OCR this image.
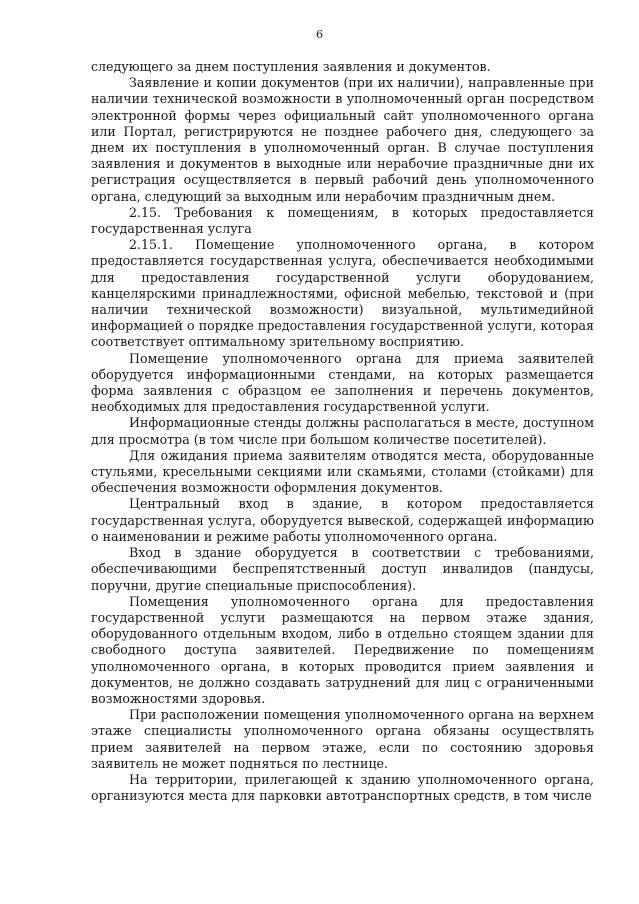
6

следующего за днем поступления заявления и документов.

Заявление и копии документов (при их наличии), направленные при наличии технической возможности в уполномоченный орган посредством электронной формы через официальный сайт уполномоченного органа или Портал, регистрируются не позднее рабочего дня, следующего за днем их поступления в уполномоченный орган. В случае поступления заявления и документов в выходные или нерабочие праздничные дни их регистрация осуществляется в первый рабочий день уполномоченного органа, следующий за выходным или нерабочим праздничным днем.

2.15. Требования к помещениям, в которых предоставляется государственная услуга

2.15.1. Помещение уполномоченного органа, в котором предоставляется государственная услуга, обеспечивается необходимыми для предоставления государственной услуги оборудованием, канцелярскими принадлежностями, офисной мебелью, текстовой и (при наличии технической возможности) визуальной, мультимедийной информацией о порядке предоставления государственной услуги, которая соответствует оптимальному зрительному восприятию.

Помещение уполномоченного органа для приема заявителей оборудуется информационными стендами, на которых размещается форма заявления с образцом ее заполнения и перечень документов, необходимых для предоставления государственной услуги.

Информационные стенды должны располагаться в месте, доступном для просмотра (в том числе при большом количестве посетителей).

Для ожидания приема заявителям отводятся места, оборудованные стульями, кресельными секциями или скамьями, столами (стойками) для обеспечения возможности оформления документов.

Центральный вход в здание, в котором предоставляется государственная услуга, оборудуется вывеской, содержащей информацию о наименовании и режиме работы уполномоченного органа.

Вход в здание оборудуется в соответствии с требованиями, обеспечивающими беспрепятственный доступ инвалидов (пандусы, поручни, другие специальные приспособления).

Помещения уполномоченного органа для предоставления государственной услуги размещаются на первом этаже здания, оборудованного отдельным входом, либо в отдельно стоящем здании для свободного доступа заявителей. Передвижение по помещениям уполномоченного органа, в которых проводится прием заявления и документов, не должно создавать затруднений для лиц с ограниченными возможностями здоровья.

При расположении помещения уполномоченного органа на верхнем этаже специалисты уполномоченного органа обязаны осуществлять прием заявителей на первом этаже, если по состоянию здоровья заявитель не может подняться по лестнице.

На территории, прилегающей к зданию уполномоченного органа, организуются места для парковки автотранспортных средств, в том числе
